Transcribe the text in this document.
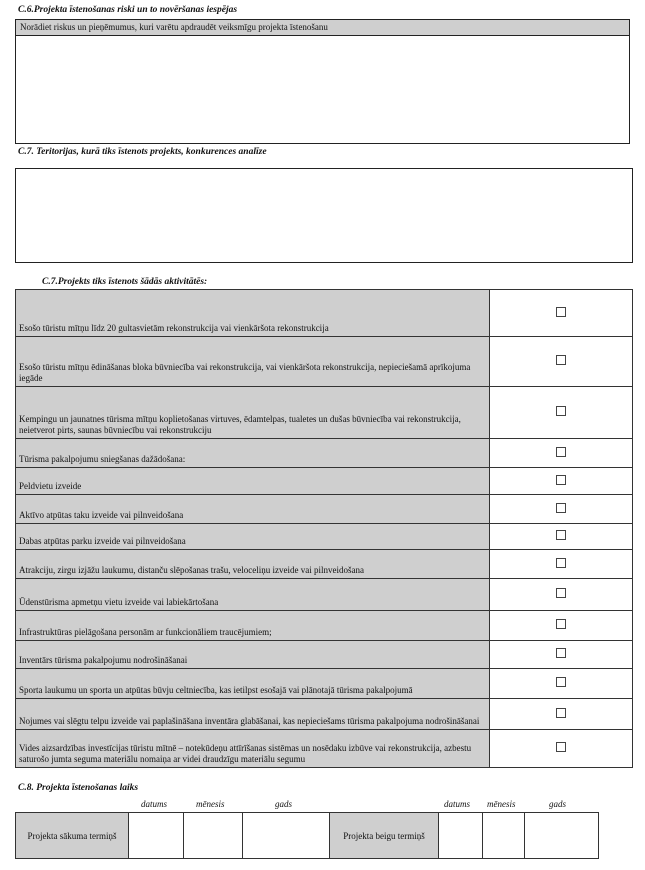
C.6.Projekta īstenošanas riski un to novēršanas iespējas
Norādiet riskus un pieņēmumus, kuri varētu apdraudēt veiksmīgu projekta īstenošanu
C.7. Teritorijas, kurā tiks īstenots projekts, konkurences analīze
C.7.Projekts tiks īstenots šādās aktivitātēs:
Esošo tūristu mītņu līdz 20 gultasvietām rekonstrukcija vai vienkāršota rekonstrukcija	
Esošo tūristu mītņu ēdināšanas bloka būvniecība vai rekonstrukcija, vai vienkāršota rekonstrukcija, nepieciešamā aprīkojuma iegāde	
Kempingu un jaunatnes tūrisma mītņu koplietošanas virtuves, ēdamtelpas, tualetes un dušas būvniecība vai rekonstrukcija, neietverot pirts, saunas būvniecību vai rekonstrukciju	
Tūrisma pakalpojumu sniegšanas dažādošana:	
Peldvietu izveide	
Aktīvo atpūtas taku izveide vai pilnveidošana	
Dabas atpūtas parku izveide vai pilnveidošana	
Atrakciju, zirgu izjāžu laukumu, distanču slēpošanas trašu, veloceliņu izveide vai pilnveidošana	
Ūdenstūrisma apmetņu vietu izveide vai labiekārtošana	
Infrastruktūras pielāgošana personām ar funkcionāliem traucējumiem;	
Inventārs tūrisma pakalpojumu nodrošināšanai	
Sporta laukumu un sporta un atpūtas būvju celtniecība, kas ietilpst esošajā vai plānotajā tūrisma pakalpojumā	
Nojumes vai slēgtu telpu izveide vai paplašināšana inventāra glabāšanai, kas nepieciešams tūrisma pakalpojuma nodrošināšanai	
Vides aizsardzības investīcijas tūristu mītnē – notekūdeņu attīrīšanas sistēmas un nosēdaku izbūve vai rekonstrukcija, azbestu saturošo jumta seguma materiālu nomaiņa ar videi draudzīgu materiālu segumu	
C.8. Projekta īstenošanas laiks
datums	mēnesis	gads	datums mēnesis	gads
Projekta sākuma termiņš				Projekta beigu termiņš			
